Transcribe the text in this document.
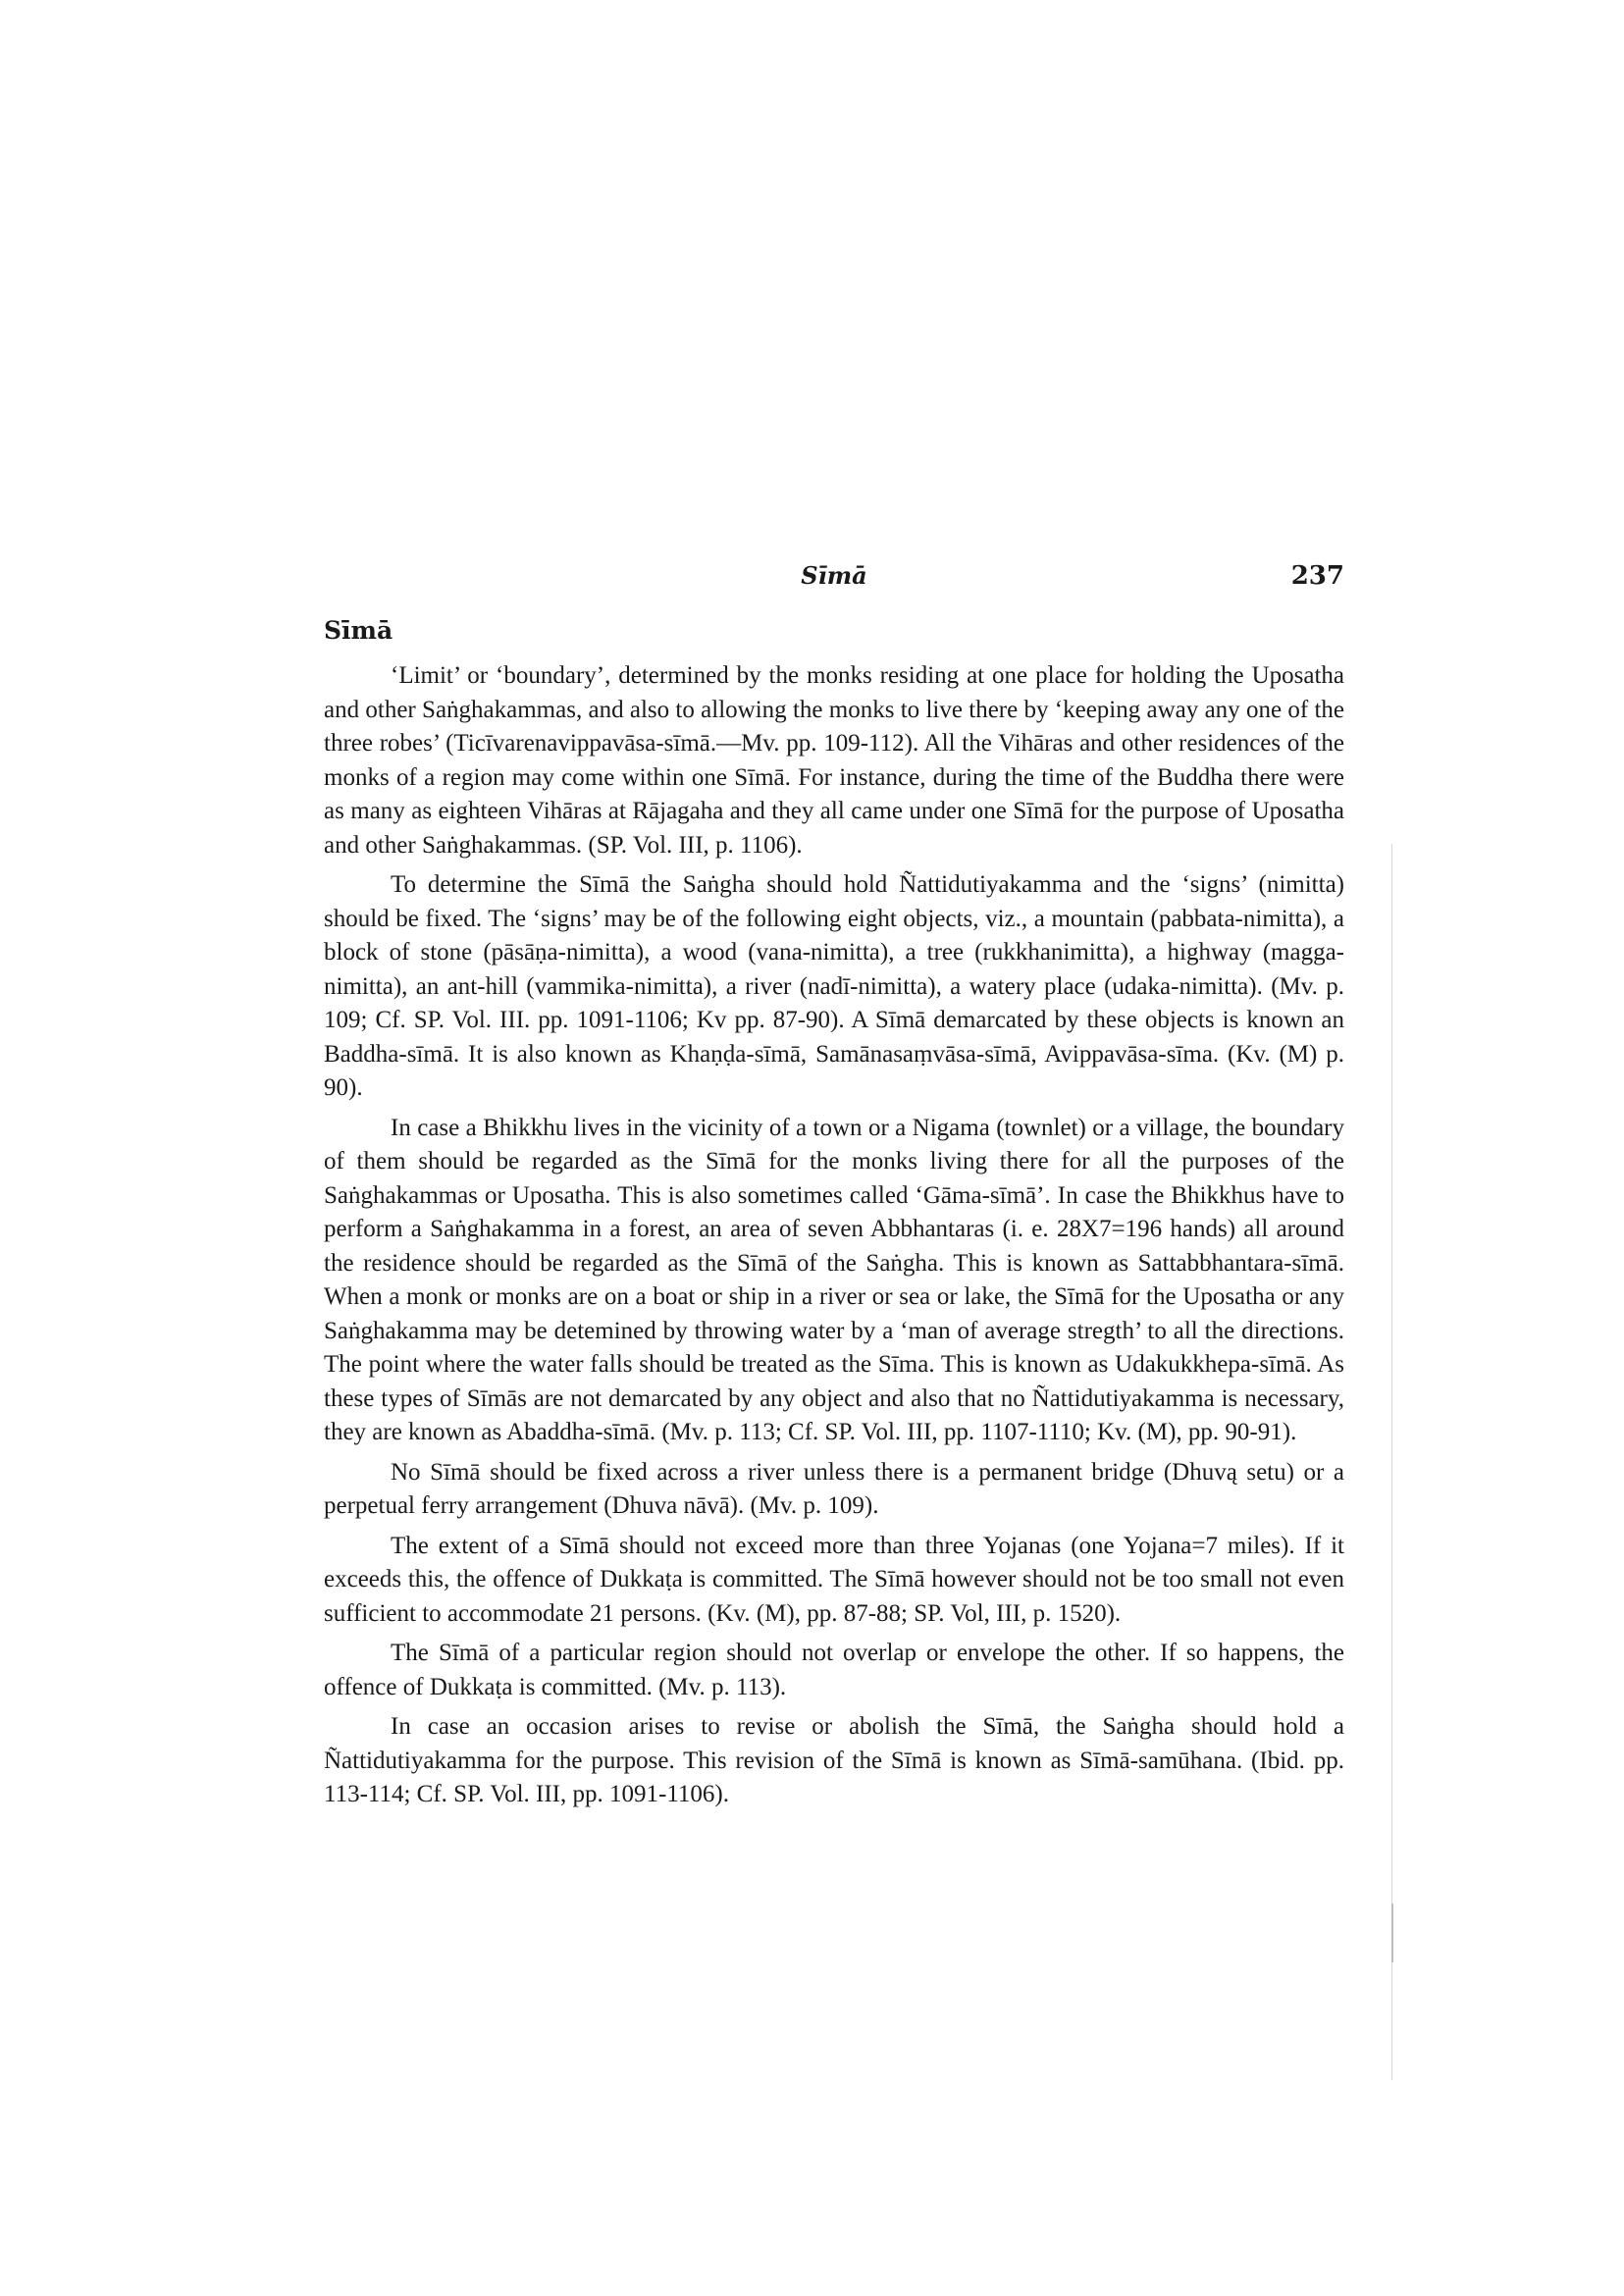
Sīmā	237
Sīmā

‘Limit’ or ‘boundary’, determined by the monks residing at one place for holding the Uposatha and other Saṅghakammas, and also to allowing the monks to live there by ‘keeping away any one of the three robes’ (Ticīvarenavippavāsa-sīmā.—Mv. pp. 109-112). All the Vihāras and other residences of the monks of a region may come within one Sīmā. For instance, during the time of the Buddha there were as many as eighteen Vihāras at Rājagaha and they all came under one Sīmā for the purpose of Uposatha and other Saṅghakammas. (SP. Vol. III, p. 1106).

To determine the Sīmā the Saṅgha should hold Ñattidutiyakamma and the ‘signs’ (nimitta) should be fixed. The ‘signs’ may be of the following eight objects, viz., a mountain (pabbata-nimitta), a block of stone (pāsāṇa-nimitta), a wood (vana-nimitta), a tree (rukkhanimitta), a highway (magga-nimitta), an ant-hill (vammika-nimitta), a river (nadī-nimitta), a watery place (udaka-nimitta). (Mv. p. 109; Cf. SP. Vol. III. pp. 1091-1106; Kv pp. 87-90). A Sīmā demarcated by these objects is known an Baddha-sīmā. It is also known as Khaṇḍa-sīmā, Samānasaṃvāsa-sīmā, Avippavāsa-sīma. (Kv. (M) p. 90).

In case a Bhikkhu lives in the vicinity of a town or a Nigama (townlet) or a village, the boundary of them should be regarded as the Sīmā for the monks living there for all the purposes of the Saṅghakammas or Uposatha. This is also sometimes called ‘Gāma-sīmā’. In case the Bhikkhus have to perform a Saṅghakamma in a forest, an area of seven Abbhantaras (i. e. 28X7=196 hands) all around the residence should be regarded as the Sīmā of the Saṅgha. This is known as Sattabbhantara-sīmā. When a monk or monks are on a boat or ship in a river or sea or lake, the Sīmā for the Uposatha or any Saṅghakamma may be detemined by throwing water by a ‘man of average stregth’ to all the directions. The point where the water falls should be treated as the Sīma. This is known as Udakukkhepa-sīmā. As these types of Sīmās are not demarcated by any object and also that no Ñattidutiyakamma is necessary, they are known as Abaddha-sīmā. (Mv. p. 113; Cf. SP. Vol. III, pp. 1107-1110; Kv. (M), pp. 90-91).

No Sīmā should be fixed across a river unless there is a permanent bridge (Dhuvą setu) or a perpetual ferry arrangement (Dhuva nāvā). (Mv. p. 109).

The extent of a Sīmā should not exceed more than three Yojanas (one Yojana=7 miles). If it exceeds this, the offence of Dukkaṭa is committed. The Sīmā however should not be too small not even sufficient to accommodate 21 persons. (Kv. (M), pp. 87-88; SP. Vol, III, p. 1520).

The Sīmā of a particular region should not overlap or envelope the other. If so happens, the offence of Dukkaṭa is committed. (Mv. p. 113).

In case an occasion arises to revise or abolish the Sīmā, the Saṅgha should hold a Ñattidutiyakamma for the purpose. This revision of the Sīmā is known as Sīmā-samūhana. (Ibid. pp. 113-114; Cf. SP. Vol. III, pp. 1091-1106).
